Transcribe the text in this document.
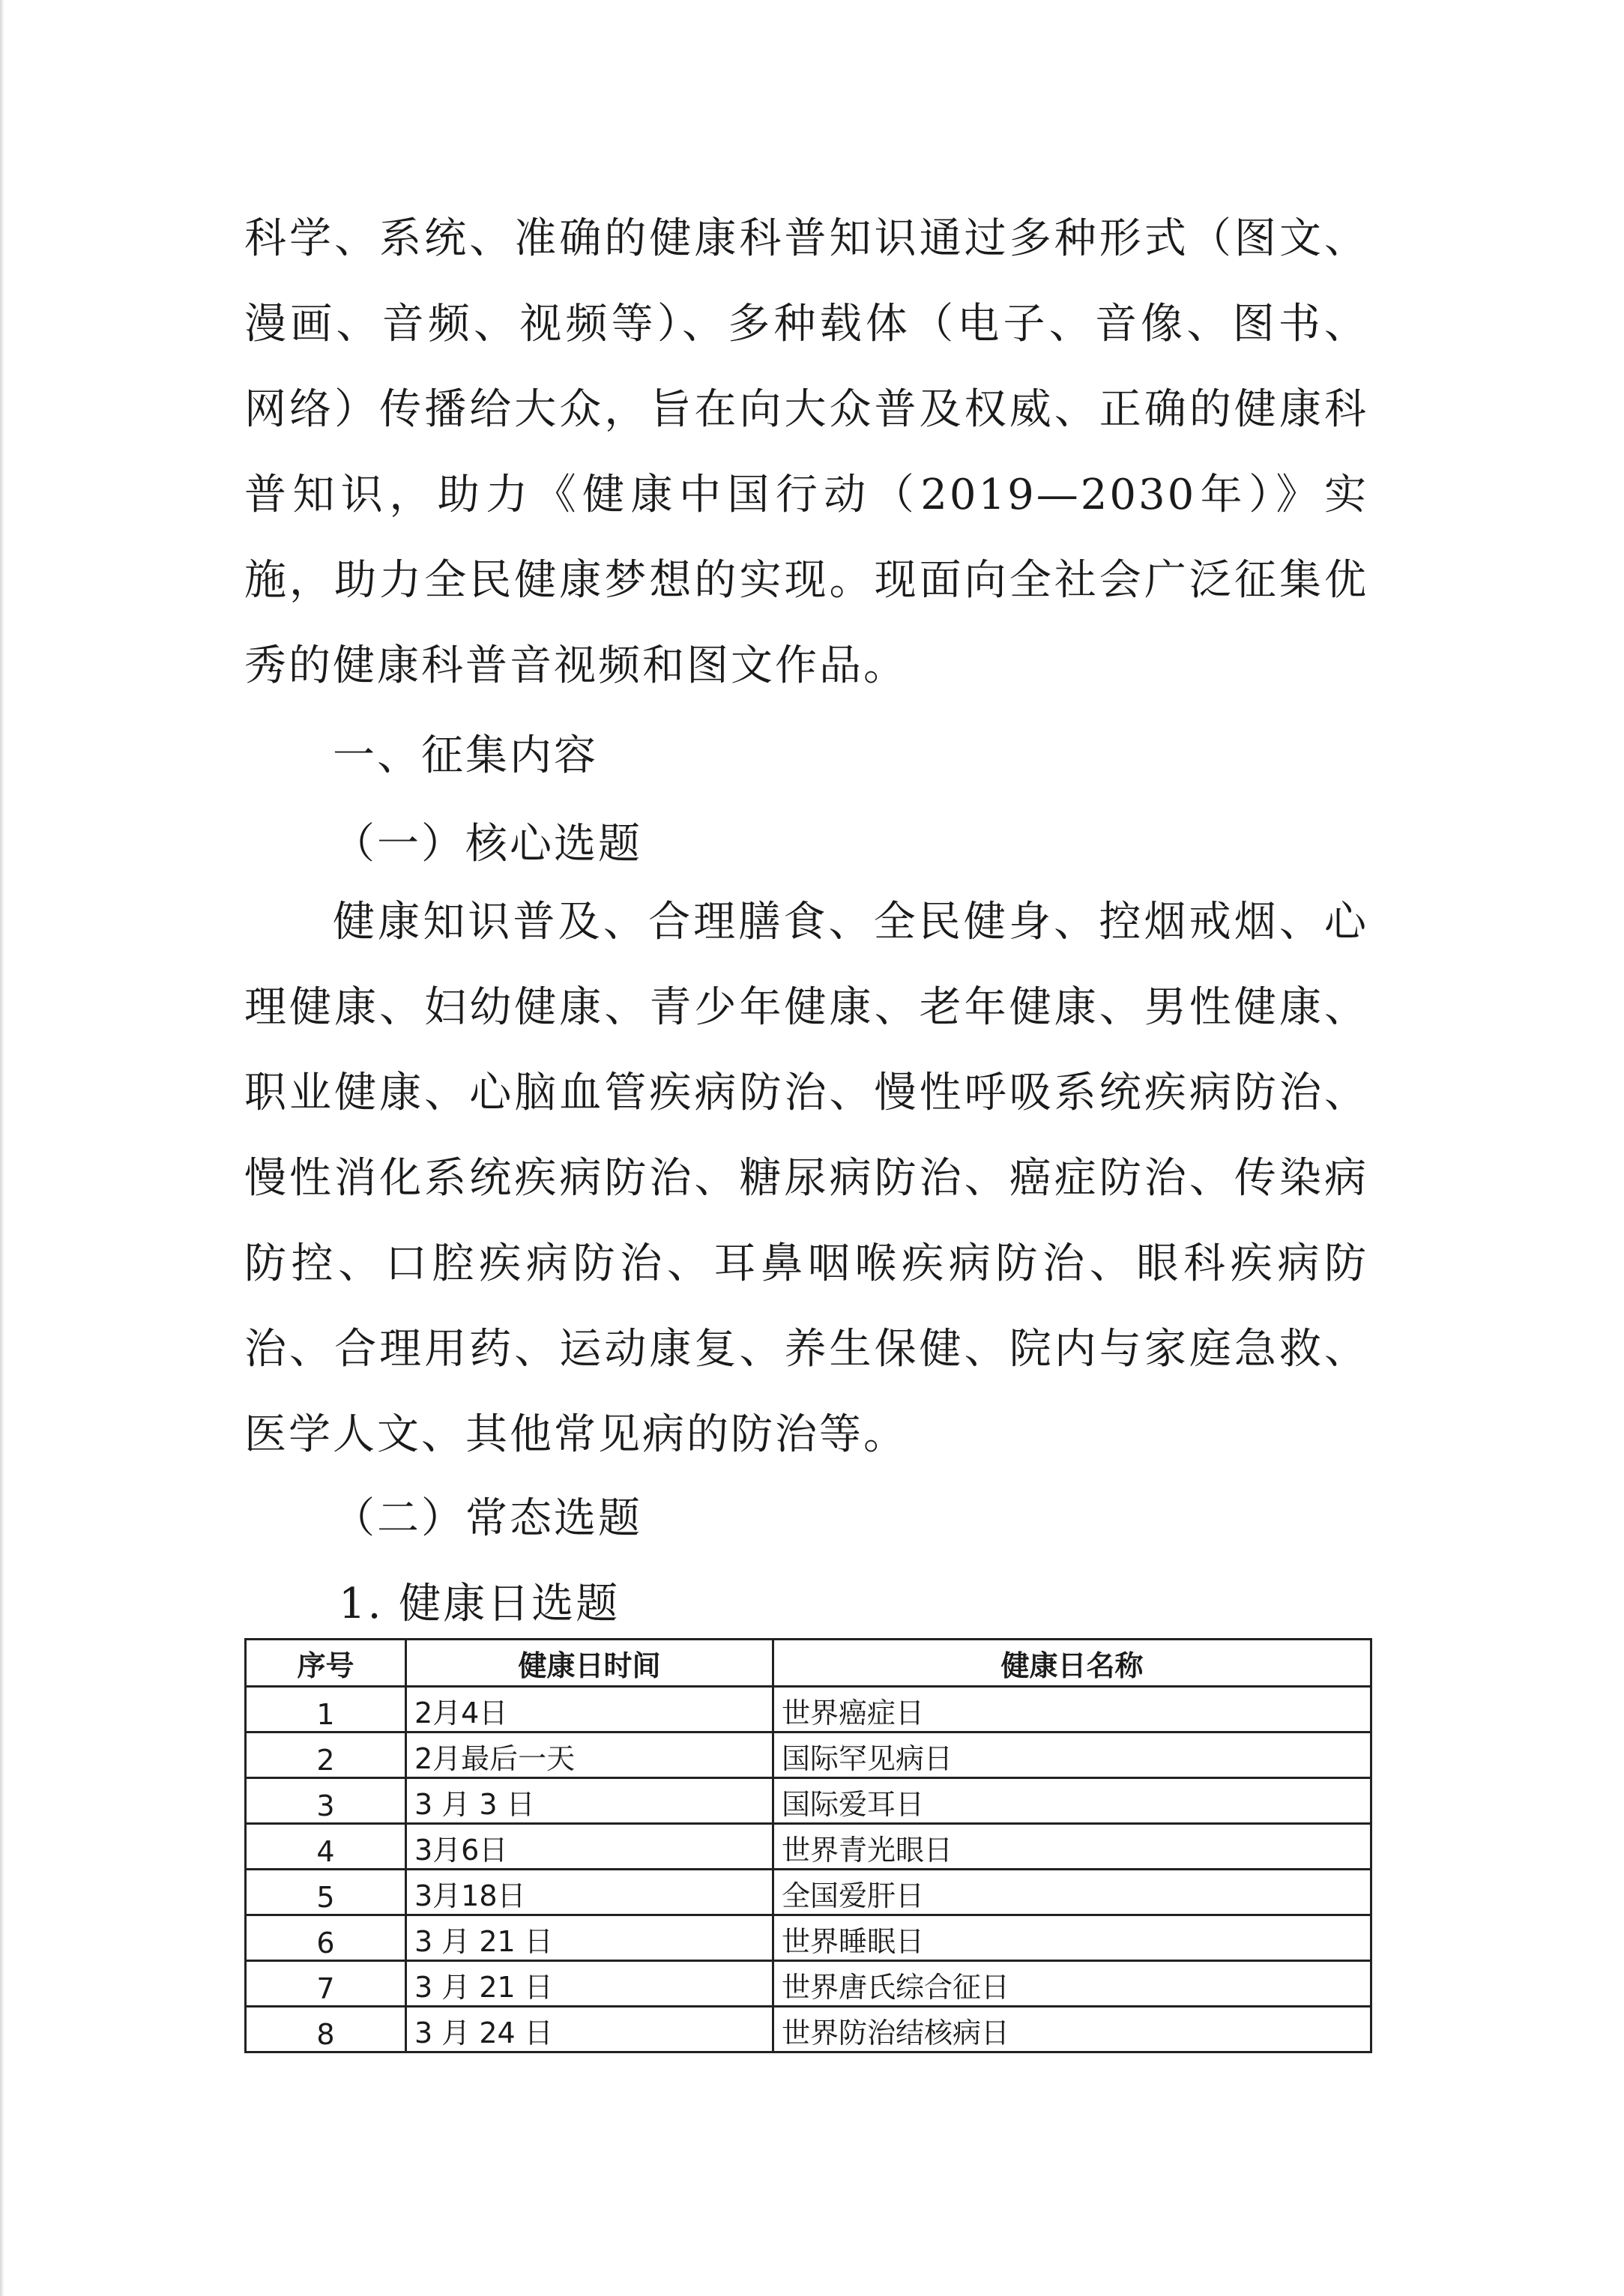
科学、系统、准确的健康科普知识通过多种形式（图文、漫画、音频、视频等）、多种载体（电子、音像、图书、网络）传播给大众，旨在向大众普及权威、正确的健康科普知识，助力《健康中国行动（2019—2030年）》实施，助力全民健康梦想的实现。现面向全社会广泛征集优秀的健康科普音视频和图文作品。

一、征集内容

（一）核心选题

健康知识普及、合理膳食、全民健身、控烟戒烟、心理健康、妇幼健康、青少年健康、老年健康、男性健康、职业健康、心脑血管疾病防治、慢性呼吸系统疾病防治、慢性消化系统疾病防治、糖尿病防治、癌症防治、传染病防控、口腔疾病防治、耳鼻咽喉疾病防治、眼科疾病防治、合理用药、运动康复、养生保健、院内与家庭急救、医学人文、其他常见病的防治等。

（二）常态选题

1. 健康日选题

序号	健康日时间	健康日名称
1	2月4日	世界癌症日
2	2月最后一天	国际罕见病日
3	3 月 3 日	国际爱耳日
4	3月6日	世界青光眼日
5	3月18日	全国爱肝日
6	3 月 21 日	世界睡眠日
7	3 月 21 日	世界唐氏综合征日
8	3 月 24 日	世界防治结核病日
